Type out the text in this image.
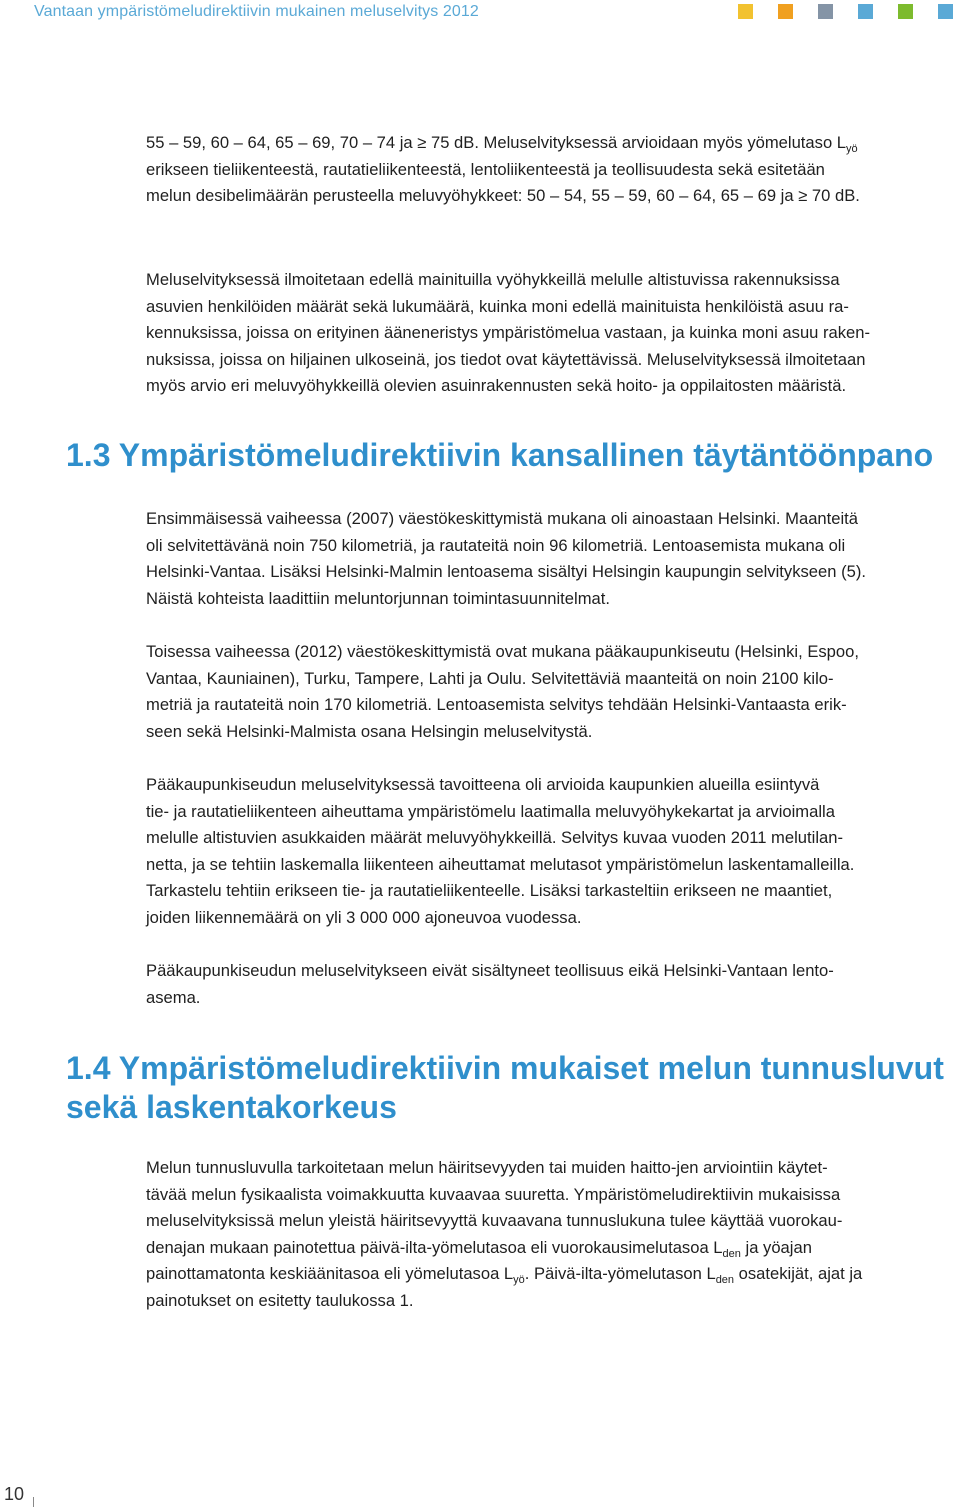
Vantaan ympäristömeludirektiivin mukainen meluselvitys 2012

55 – 59, 60 – 64, 65 – 69, 70 – 74 ja ≥ 75 dB. Meluselvityksessä arvioidaan myös yömelutaso $L_{yö}$
erikseen tieliikenteestä, rautatieliikenteestä, lentoliikenteestä ja teollisuudesta sekä esitetään
melun desibelimäärän perusteella meluvyöhykkeet: 50 – 54, 55 – 59, 60 – 64, 65 – 69 ja ≥ 70 dB.

Meluselvityksessä ilmoitetaan edellä mainituilla vyöhykkeillä melulle altistuvissa rakennuksissa
asuvien henkilöiden määrät sekä lukumäärä, kuinka moni edellä mainituista henkilöistä asuu ra-
kennuksissa, joissa on erityinen ääneneristys ympäristömelua vastaan, ja kuinka moni asuu raken-
nuksissa, joissa on hiljainen ulkoseinä, jos tiedot ovat käytettävissä. Meluselvityksessä ilmoitetaan
myös arvio eri meluvyöhykkeillä olevien asuinrakennusten sekä hoito- ja oppilaitosten määristä.

1.3 Ympäristömeludirektiivin kansallinen täytäntöönpano

Ensimmäisessä vaiheessa (2007) väestökeskittymistä mukana oli ainoastaan Helsinki. Maanteitä
oli selvitettävänä noin 750 kilometriä, ja rautateitä noin 96 kilometriä. Lentoasemista mukana oli
Helsinki-Vantaa. Lisäksi Helsinki-Malmin lentoasema sisältyi Helsingin kaupungin selvitykseen (5).
Näistä kohteista laadittiin meluntorjunnan toimintasuunnitelmat.

Toisessa vaiheessa (2012) väestökeskittymistä ovat mukana pääkaupunkiseutu (Helsinki, Espoo,
Vantaa, Kauniainen), Turku, Tampere, Lahti ja Oulu. Selvitettäviä maanteitä on noin 2100 kilo-
metriä ja rautateitä noin 170 kilometriä. Lentoasemista selvitys tehdään Helsinki-Vantaasta erik-
seen sekä Helsinki-Malmista osana Helsingin meluselvitystä.

Pääkaupunkiseudun meluselvityksessä tavoitteena oli arvioida kaupunkien alueilla esiintyvä
tie- ja rautatieliikenteen aiheuttama ympäristömelu laatimalla meluvyöhykekartat ja arvioimalla
melulle altistuvien asukkaiden määrät meluvyöhykkeillä. Selvitys kuvaa vuoden 2011 melutilan-
netta, ja se tehtiin laskemalla liikenteen aiheuttamat melutasot ympäristömelun laskentamalleilla.
Tarkastelu tehtiin erikseen tie- ja rautatieliikenteelle. Lisäksi tarkasteltiin erikseen ne maantiet,
joiden liikennemäärä on yli 3 000 000 ajoneuvoa vuodessa.

Pääkaupunkiseudun meluselvitykseen eivät sisältyneet teollisuus eikä Helsinki-Vantaan lento-
asema.

1.4 Ympäristömeludirektiivin mukaiset melun tunnusluvut
sekä laskentakorkeus

Melun tunnusluvulla tarkoitetaan melun häiritsevyyden tai muiden haitto-jen arviointiin käytet-
tävää melun fysikaalista voimakkuutta kuvaavaa suuretta. Ympäristömeludirektiivin mukaisissa
meluselvityksissä melun yleistä häiritsevyyttä kuvaavana tunnuslukuna tulee käyttää vuorokau-
denajan mukaan painotettua päivä-ilta-yömelutasoa eli vuorokausimelutasoa $L_{den}$ ja yöajan
painottamatonta keskiäänitasoa eli yömelutasoa $L_{yö}$. Päivä-ilta-yömelutason $L_{den}$ osatekijät, ajat ja
painotukset on esitetty taulukossa 1.

10
